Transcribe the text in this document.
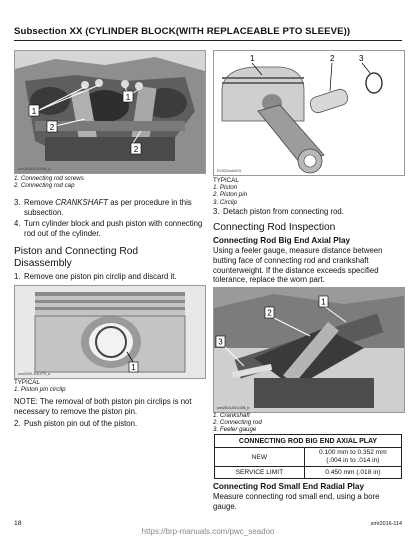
Subsection XX (CYLINDER BLOCK(WITH REPLACEABLE PTO SLEEVE))
1
1
2
2
smr2016-015-004_a
1. Connecting rod screws
2. Connecting rod cap
3. Remove CRANKSHAFT as per procedure in this subsection.
4. Turn cylinder block and push piston with connecting rod out of the cylinder.
Piston and Connecting Rod
Disassembly
1. Remove one piston pin circlip and discard it.
1
smr2009-116-075_a
TYPICAL
1. Piston pin circlip
NOTE: The removal of both piston pin circlips is not necessary to remove the piston pin.
2. Push piston pin out of the piston.
1	2	3
R1503motr57A
TYPICAL
1. Piston
2. Piston pin
3. Circlip
3. Detach piston from connecting rod.
Connecting Rod Inspection
Connecting Rod Big End Axial Play
Using a feeler gauge, measure distance between butting face of connecting rod and crankshaft counterweight. If the distance exceeds specified tolerance, replace the worn part.
2
1
3
smr2014-001-008_b
1. Crankshaft
2. Connecting rod
3. Feeler gauge
CONNECTING ROD BIG END AXIAL PLAY	
NEW	0.100 mm to 0.352 mm
(.004 in to .014 in)

SERVICE LIMIT	0.450 mm (.018 in)
Connecting Rod Small End Radial Play
Measure connecting rod small end, using a bore gauge.
18	smr2016-114
https://brp-manuals.com/pwc_seadoo
